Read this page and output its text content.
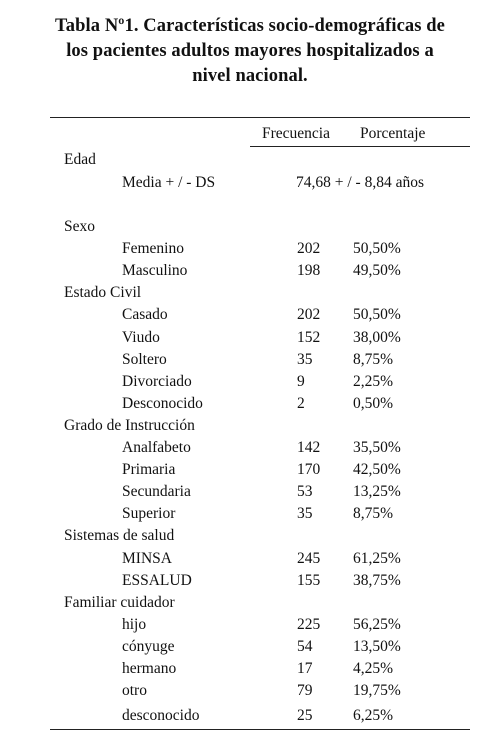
Tabla Nº1. Características socio-demográficas de
los pacientes adultos mayores hospitalizados a
nivel nacional.
Frecuencia Porcentaje
Edad
Media + / - DS	74,68 + / - 8,84 años
Sexo
Femenino	202 50,50%
Masculino	198 49,50%
Estado Civil
Casado	202 50,50%
Viudo	152 38,00%
Soltero	35	8,75%
Divorciado	9	2,25%
Desconocido	2	0,50%
Grado de Instrucción
Analfabeto	142 35,50%
Primaria	170 42,50%
Secundaria	53	13,25%
Superior	35	8,75%
Sistemas de salud
MINSA	245 61,25%
ESSALUD	155 38,75%
Familiar cuidador
hijo	225 56,25%
cónyuge	54	13,50%
hermano	17	4,25%
otro	79	19,75%
desconocido	25	6,25%
